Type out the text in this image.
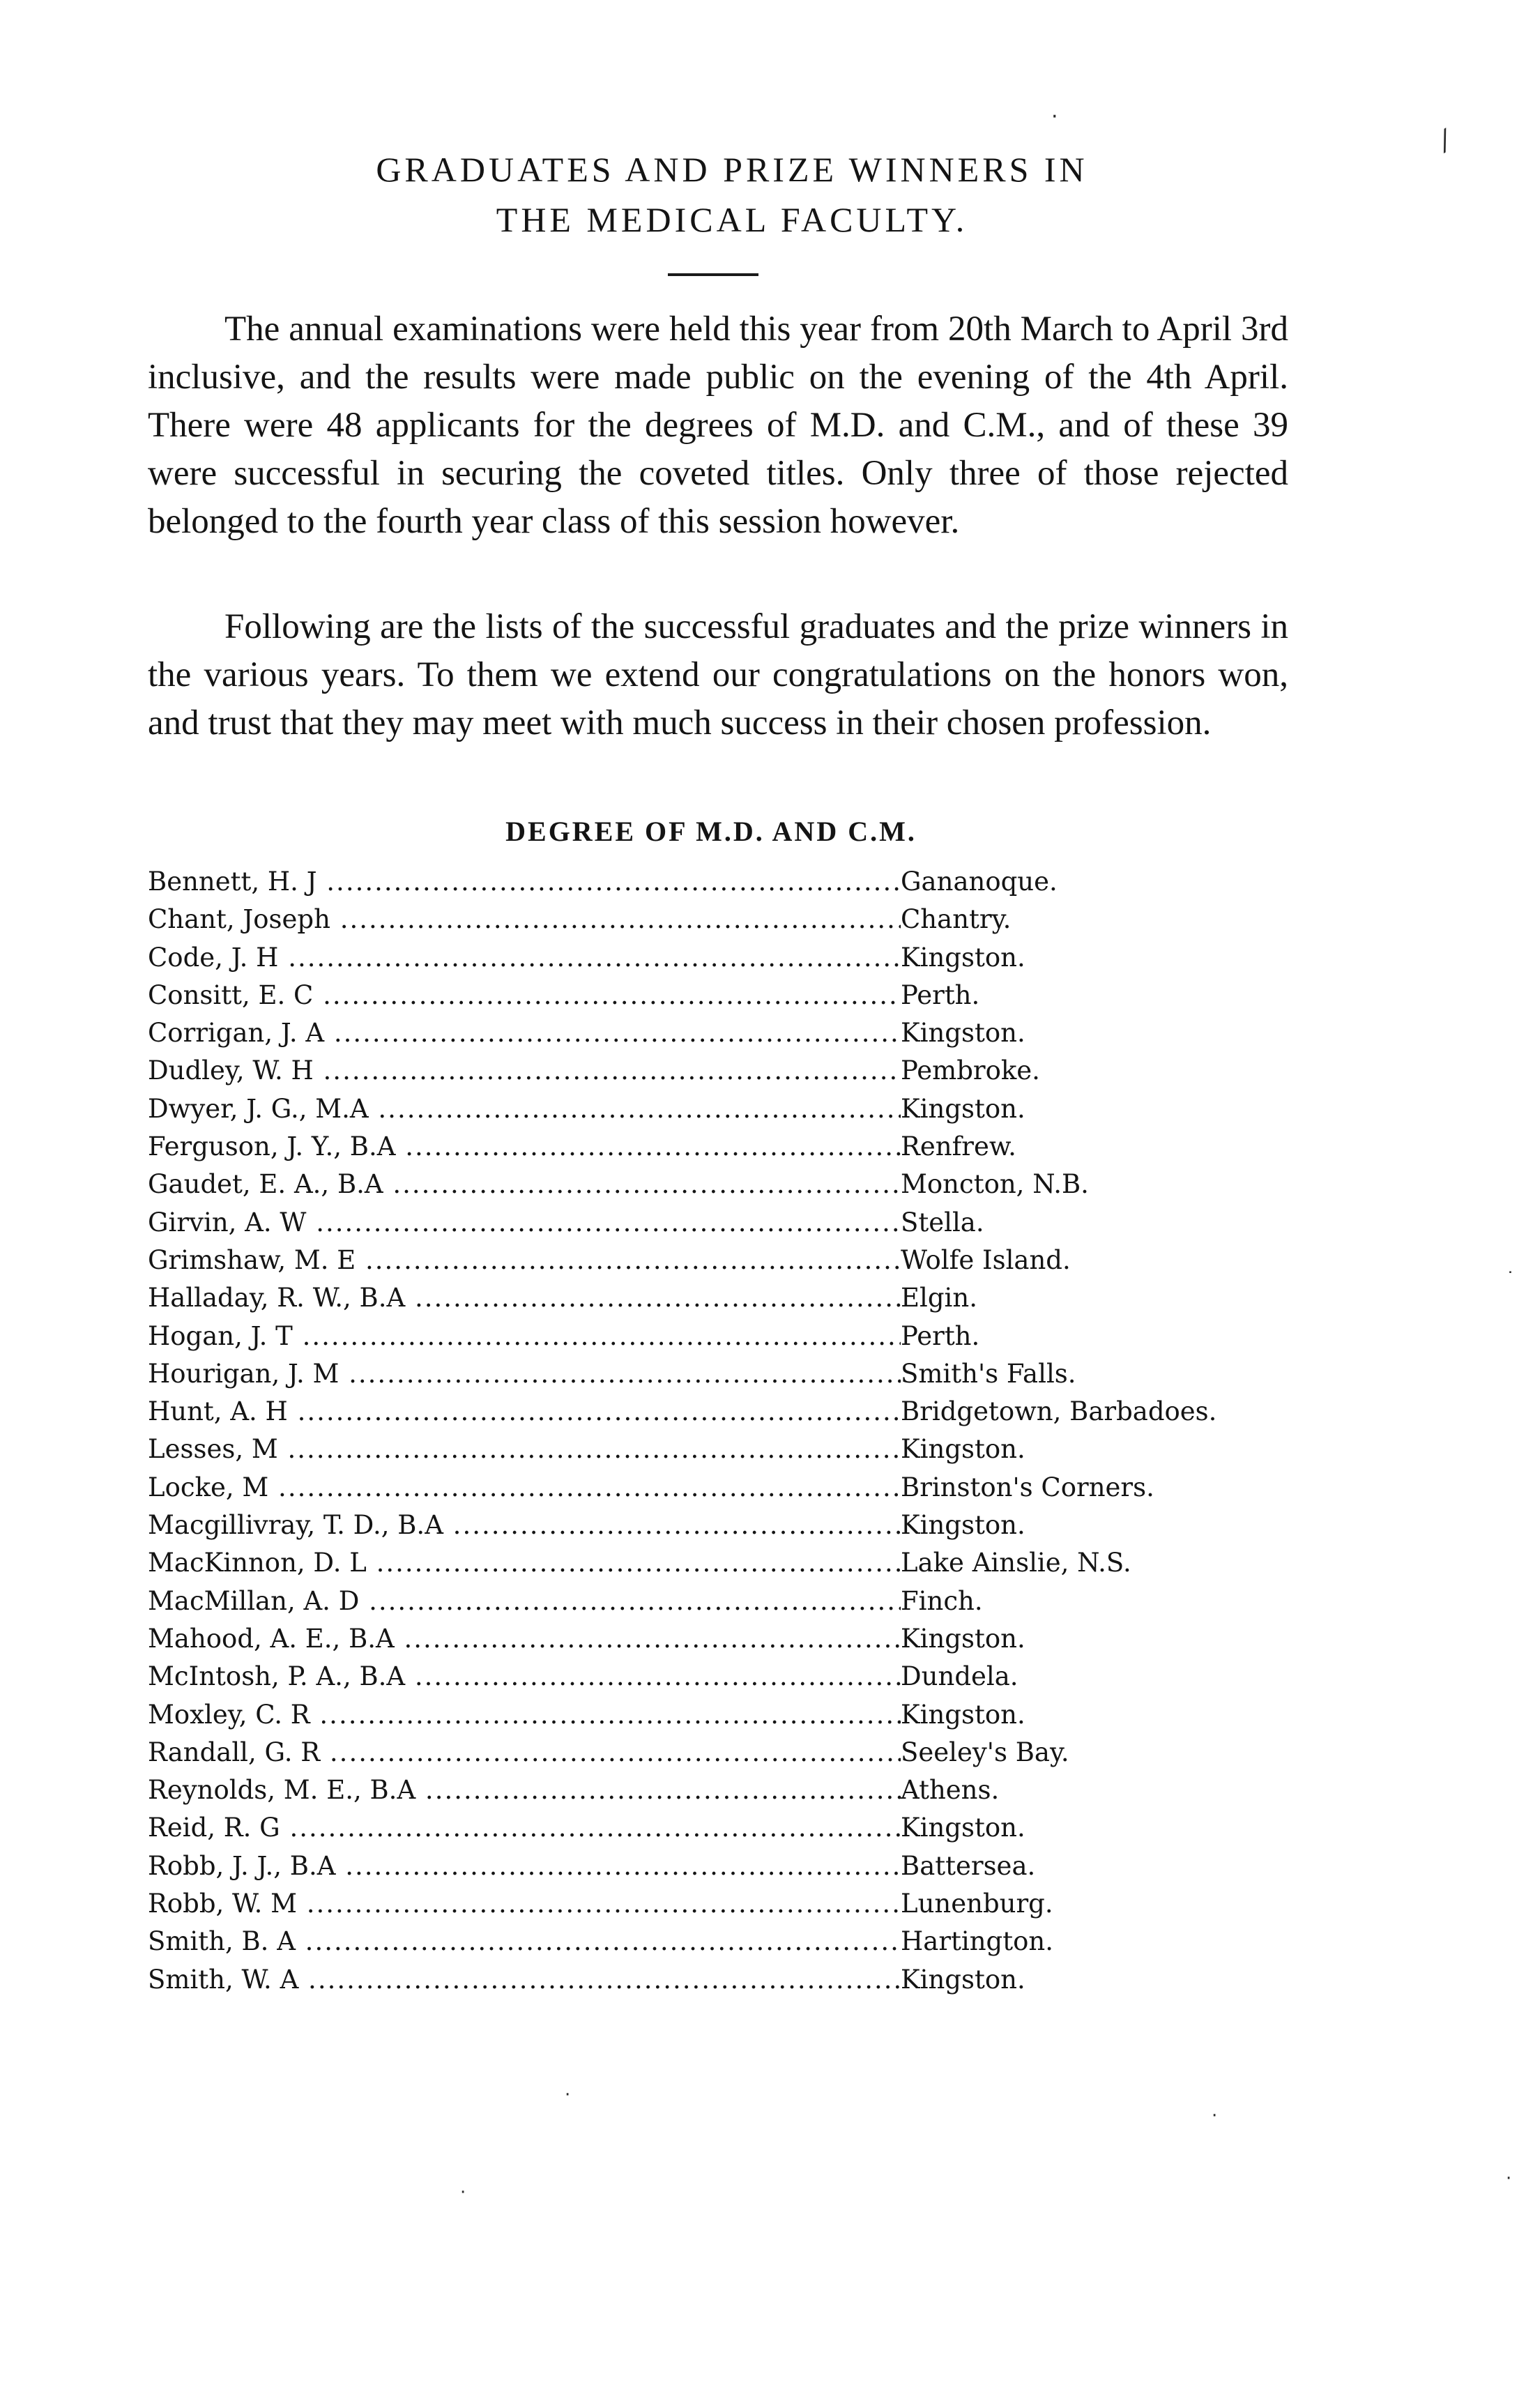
·
⁄
GRADUATES AND PRIZE WINNERS IN
THE MEDICAL FACULTY.

The annual examinations were held this year from 20th March to April 3rd inclusive, and the results were made public on the evening of the 4th April. There were 48 applicants for the degrees of M.D. and C.M., and of these 39 were successful in securing the coveted titles. Only three of those rejected belonged to the fourth year class of this session however.

Following are the lists of the successful graduates and the prize winners in the various years. To them we extend our congratulations on the honors won, and trust that they may meet with much success in their chosen profession.

DEGREE OF M.D. AND C.M.
Bennett, H. J .....	Gananoque.
Chant, Joseph .....	Chantry.
Code, J. H .....	Kingston.
Consitt, E. C .....	Perth.
Corrigan, J. A .....	Kingston.
Dudley, W. H .....	Pembroke.
Dwyer, J. G., M.A .....	Kingston.
Ferguson, J. Y., B.A .....	Renfrew.
Gaudet, E. A., B.A .....	Moncton, N.B.
Girvin, A. W .....	Stella.
Grimshaw, M. E .....	Wolfe Island.
Halladay, R. W., B.A .....	Elgin.
Hogan, J. T .....	Perth.
Hourigan, J. M .....	Smith's Falls.
Hunt, A. H .....	Bridgetown, Barbadoes.
Lesses, M .....	Kingston.
Locke, M .....	Brinston's Corners.
Macgillivray, T. D., B.A .....	Kingston.
MacKinnon, D. L .....	Lake Ainslie, N.S.
MacMillan, A. D .....	Finch.
Mahood, A. E., B.A .....	Kingston.
McIntosh, P. A., B.A .....	Dundela.
Moxley, C. R .....	Kingston.
Randall, G. R .....	Seeley's Bay.
Reynolds, M. E., B.A .....	Athens.
Reid, R. G .....	Kingston.
Robb, J. J., B.A .....	Battersea.
Robb, W. M .....	Lunenburg.
Smith, B. A .....	Hartington.
Smith, W. A .....	Kingston.
˙
·
·
·
·
